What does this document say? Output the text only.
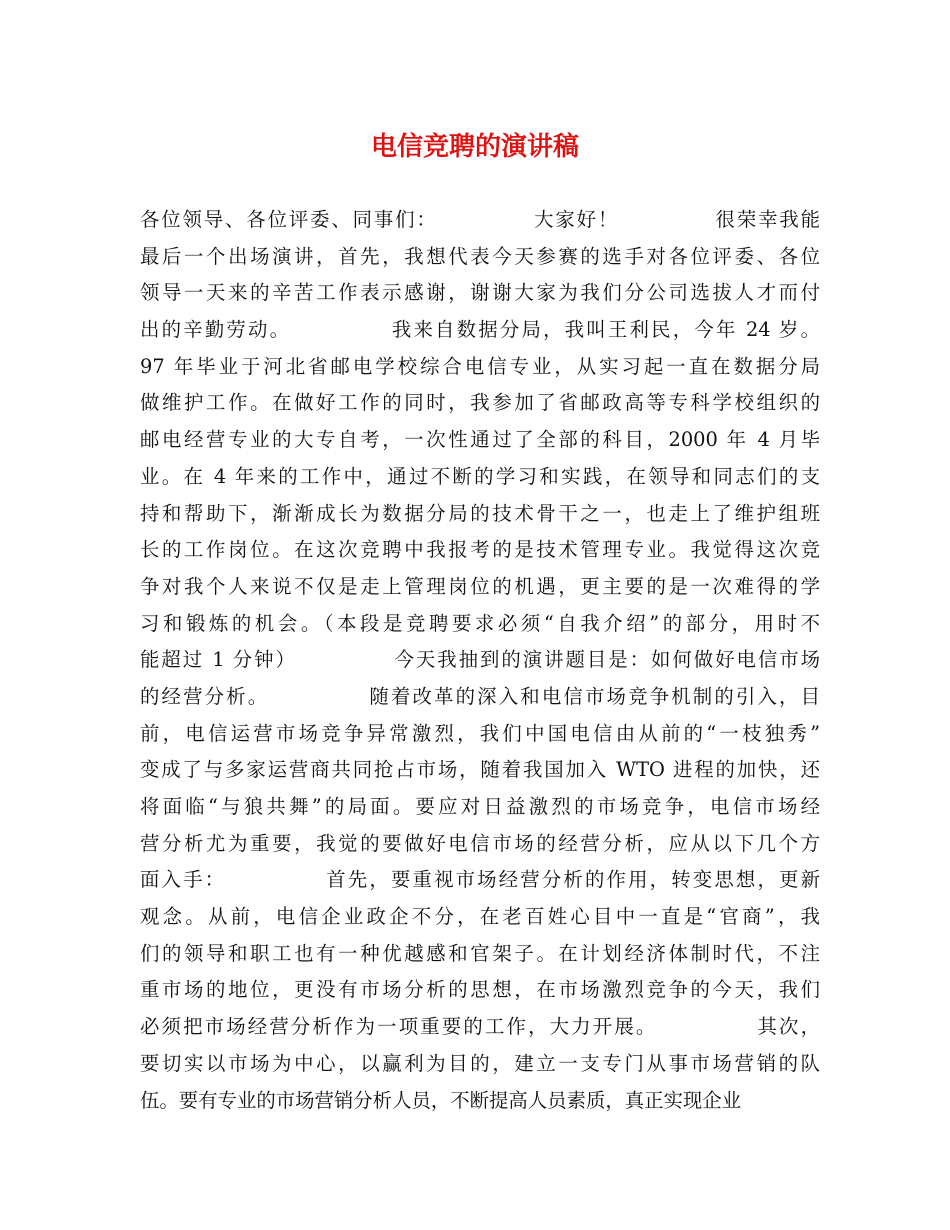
电信竞聘的演讲稿
各位领导、各位评委、同事们：            大家好！            很荣幸我能
最后一个出场演讲，首先，我想代表今天参赛的选手对各位评委、各位
领导一天来的辛苦工作表示感谢，谢谢大家为我们分公司选拔人才而付
出的辛勤劳动。            我来自数据分局，我叫王利民，今年 24 岁。
97 年毕业于河北省邮电学校综合电信专业，从实习起一直在数据分局
做维护工作。在做好工作的同时，我参加了省邮政高等专科学校组织的
邮电经营专业的大专自考，一次性通过了全部的科目，2000 年 4 月毕
业。在 4 年来的工作中，通过不断的学习和实践，在领导和同志们的支
持和帮助下，渐渐成长为数据分局的技术骨干之一，也走上了维护组班
长的工作岗位。在这次竞聘中我报考的是技术管理专业。我觉得这次竞
争对我个人来说不仅是走上管理岗位的机遇，更主要的是一次难得的学
习和锻炼的机会。（本段是竞聘要求必须“自我介绍”的部分，用时不
能超过 1 分钟）            今天我抽到的演讲题目是：如何做好电信市场
的经营分析。            随着改革的深入和电信市场竞争机制的引入，目
前，电信运营市场竞争异常激烈，我们中国电信由从前的“一枝独秀”
变成了与多家运营商共同抢占市场，随着我国加入 WTO 进程的加快，还
将面临“与狼共舞”的局面。要应对日益激烈的市场竞争，电信市场经
营分析尤为重要，我觉的要做好电信市场的经营分析，应从以下几个方
面入手：            首先，要重视市场经营分析的作用，转变思想，更新
观念。从前，电信企业政企不分，在老百姓心目中一直是“官商”，我
们的领导和职工也有一种优越感和官架子。在计划经济体制时代，不注
重市场的地位，更没有市场分析的思想，在市场激烈竞争的今天，我们
必须把市场经营分析作为一项重要的工作，大力开展。            其次，
要切实以市场为中心，以赢利为目的，建立一支专门从事市场营销的队
伍。要有专业的市场营销分析人员，不断提高人员素质，真正实现企业
